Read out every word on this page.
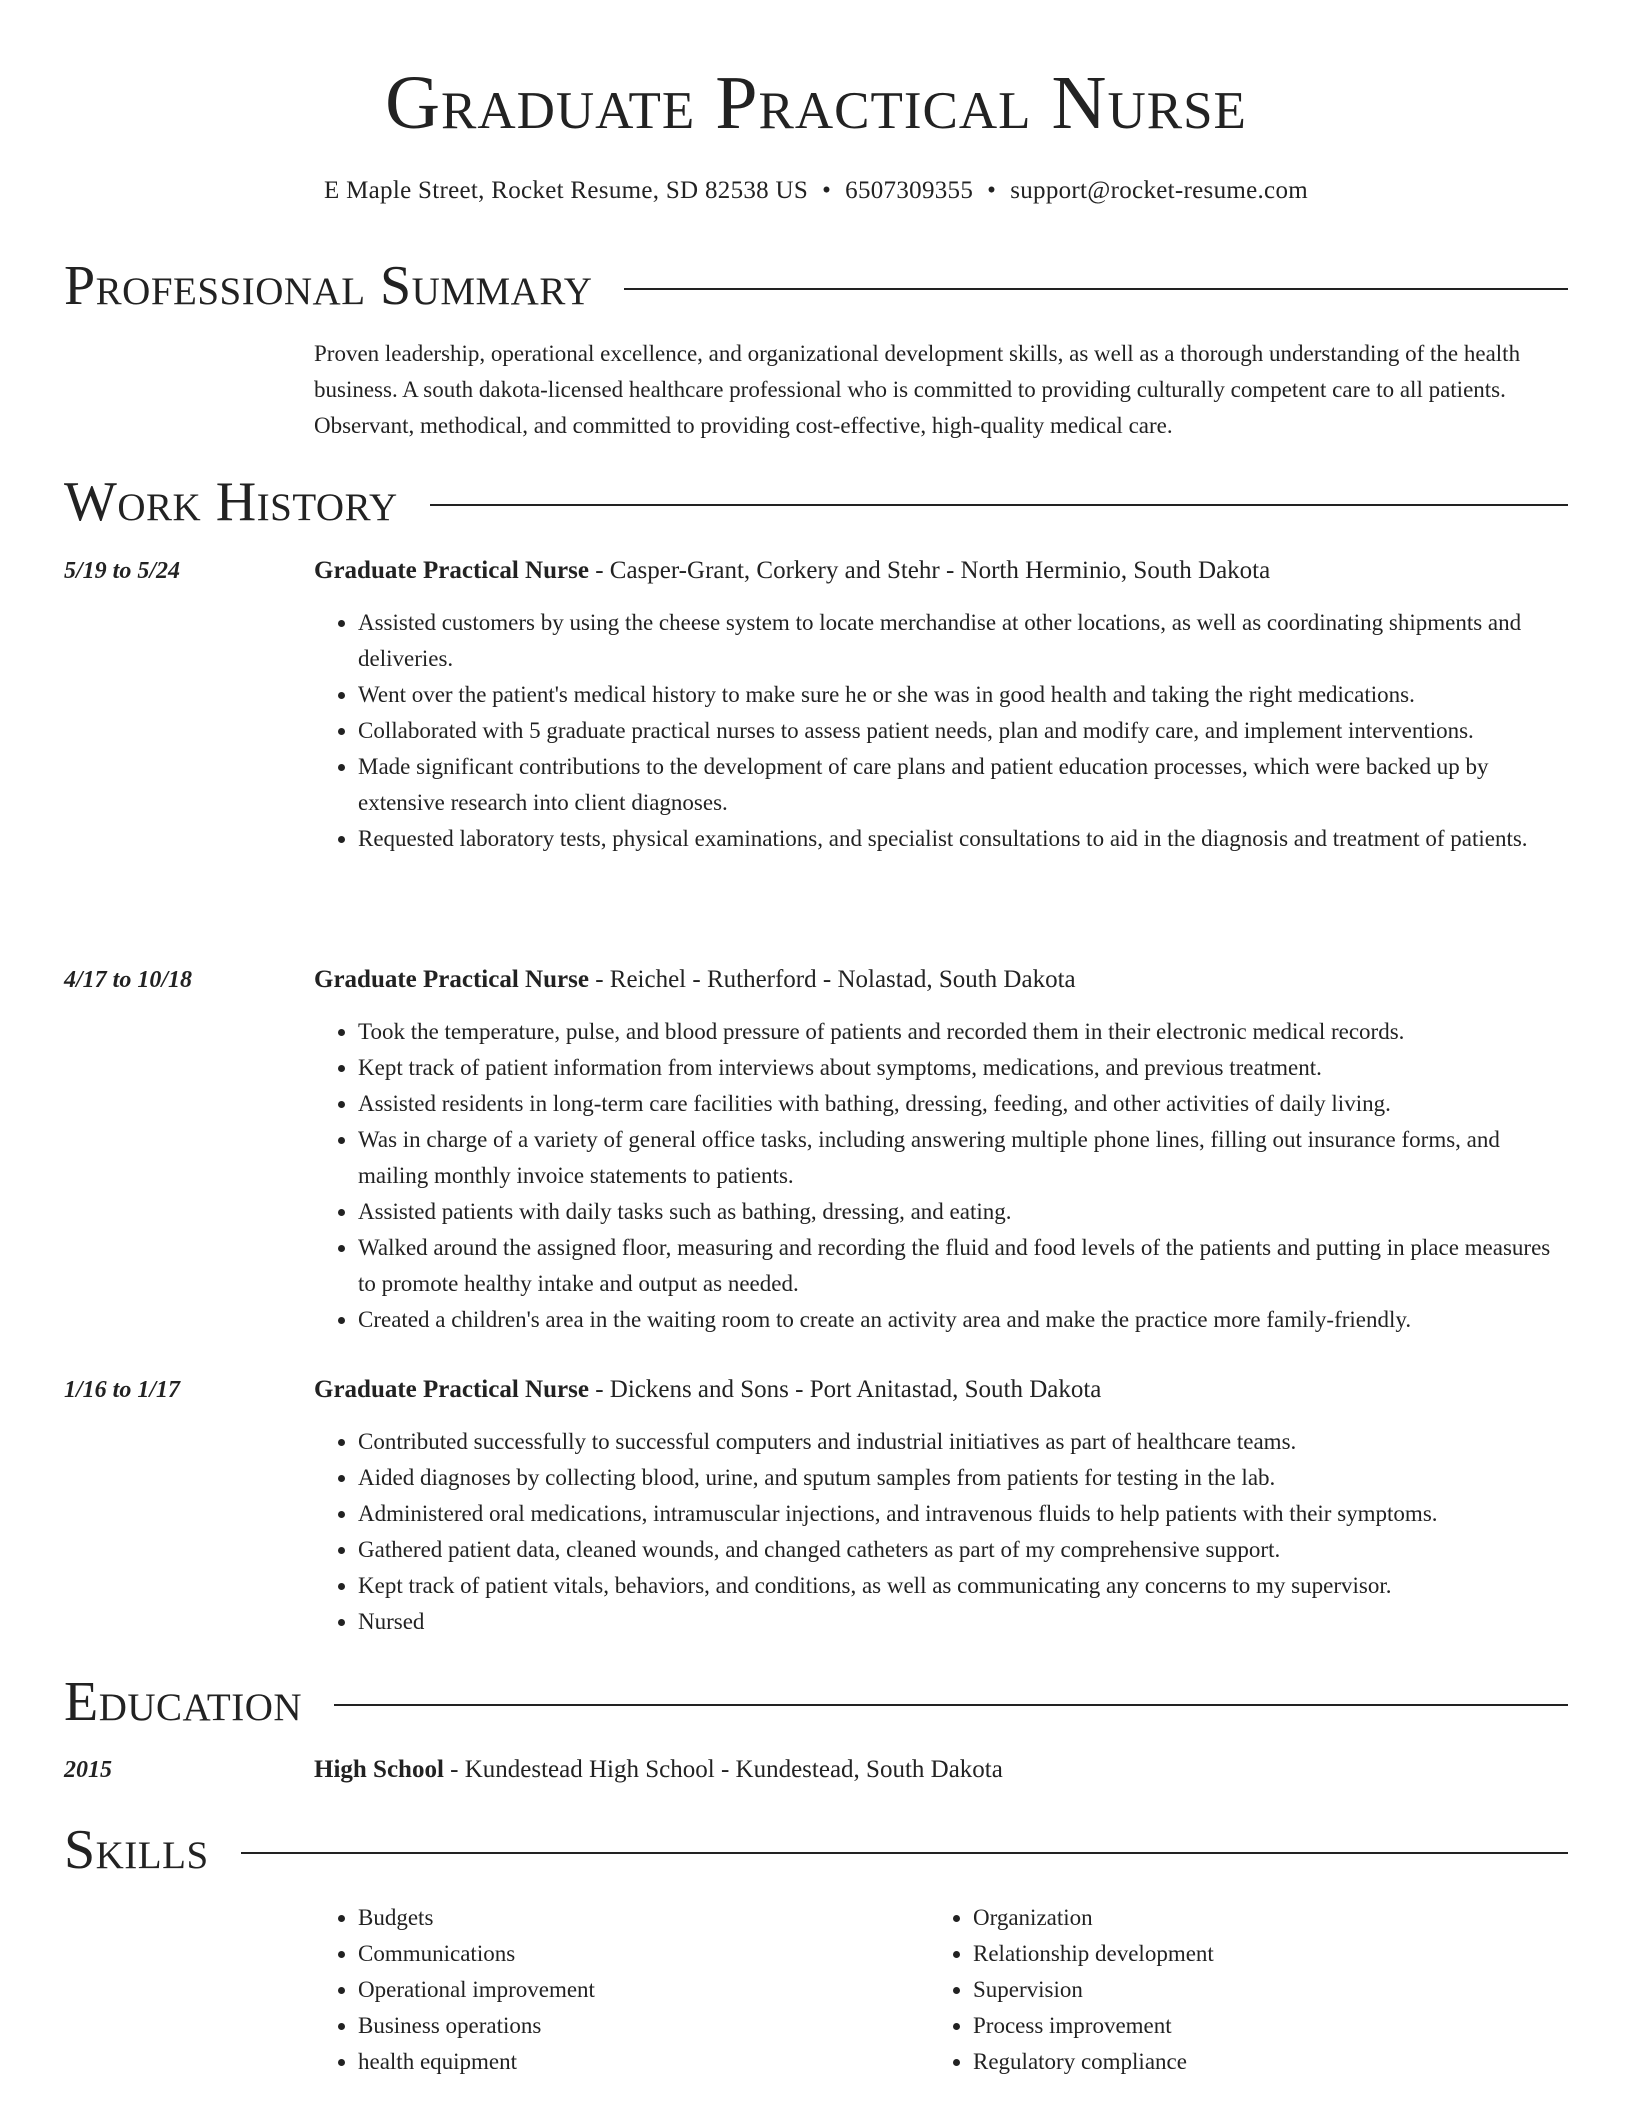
Graduate Practical Nurse
E Maple Street, Rocket Resume, SD 82538 US • 6507309355 • support@rocket-resume.com
Professional Summary

Proven leadership, operational excellence, and organizational development skills, as well as a thorough understanding of the health business. A south dakota-licensed healthcare professional who is committed to providing culturally competent care to all patients. Observant, methodical, and committed to providing cost-effective, high-quality medical care.

Work History
5/19 to 5/24	Graduate Practical Nurse - Casper-Grant, Corkery and Stehr - North Herminio, South Dakota
• Assisted customers by using the cheese system to locate merchandise at other locations, as well as coordinating shipments and deliveries.
• Went over the patient's medical history to make sure he or she was in good health and taking the right medications.
• Collaborated with 5 graduate practical nurses to assess patient needs, plan and modify care, and implement interventions.
• Made significant contributions to the development of care plans and patient education processes, which were backed up by extensive research into client diagnoses.
• Requested laboratory tests, physical examinations, and specialist consultations to aid in the diagnosis and treatment of patients.
4/17 to 10/18	Graduate Practical Nurse - Reichel - Rutherford - Nolastad, South Dakota
• Took the temperature, pulse, and blood pressure of patients and recorded them in their electronic medical records.
• Kept track of patient information from interviews about symptoms, medications, and previous treatment.
• Assisted residents in long-term care facilities with bathing, dressing, feeding, and other activities of daily living.
• Was in charge of a variety of general office tasks, including answering multiple phone lines, filling out insurance forms, and mailing monthly invoice statements to patients.
• Assisted patients with daily tasks such as bathing, dressing, and eating.
• Walked around the assigned floor, measuring and recording the fluid and food levels of the patients and putting in place measures to promote healthy intake and output as needed.
• Created a children's area in the waiting room to create an activity area and make the practice more family-friendly.
1/16 to 1/17	Graduate Practical Nurse - Dickens and Sons - Port Anitastad, South Dakota
• Contributed successfully to successful computers and industrial initiatives as part of healthcare teams.
• Aided diagnoses by collecting blood, urine, and sputum samples from patients for testing in the lab.
• Administered oral medications, intramuscular injections, and intravenous fluids to help patients with their symptoms.
• Gathered patient data, cleaned wounds, and changed catheters as part of my comprehensive support.
• Kept track of patient vitals, behaviors, and conditions, as well as communicating any concerns to my supervisor.
• Nursed
Education
2015	High School - Kundestead High School - Kundestead, South Dakota
Skills
• Budgets
• Communications
• Operational improvement
• Business operations
• health equipment
• Organization
• Relationship development
• Supervision
• Process improvement
• Regulatory compliance
